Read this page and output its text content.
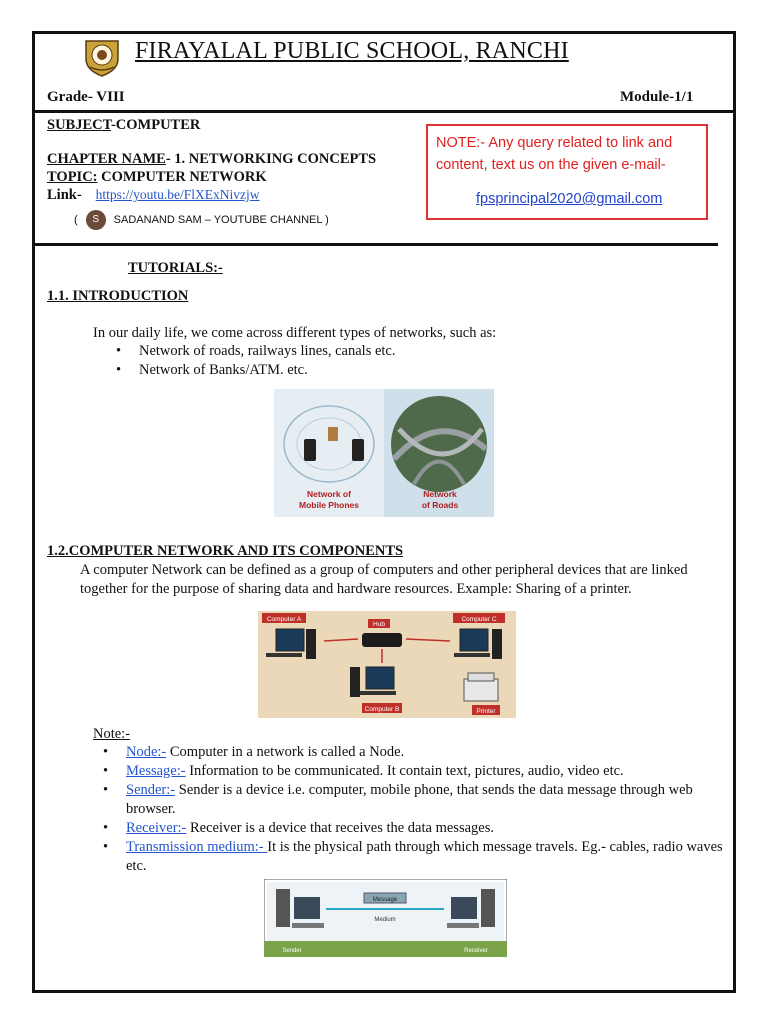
FIRAYALAL PUBLIC SCHOOL, RANCHI
Grade- VIII	Module-1/1
SUBJECT-COMPUTER
CHAPTER NAME- 1. NETWORKING CONCEPTS
TOPIC: COMPUTER NETWORK
Link- https://youtu.be/FlXExNivzjw
(	S	SADANAND SAM – YOUTUBE CHANNEL )
NOTE:- Any query related to link and content, text us on the given e-mail-
fpsprincipal2020@gmail.com
TUTORIALS:-
1.1. INTRODUCTION
In our daily life, we come across different types of networks, such as:
• Network of roads, railways lines, canals etc.
• Network of Banks/ATM. etc.
Network of
Mobile Phones
Network
of Roads
1.2.COMPUTER NETWORK AND ITS COMPONENTS
A computer Network can be defined as a group of computers and other peripheral devices that are linked together for the purpose of sharing data and hardware resources. Example: Sharing of a printer.
Computer A	Computer C
Hub
Computer B	Printer
Note:-
• Node:- Computer in a network is called a Node.
• Message:- Information to be communicated. It contain text, pictures, audio, video etc.
• Sender:- Sender is a device i.e. computer, mobile phone, that sends the data message through web browser.
• Receiver:- Receiver is a device that receives the data messages.
• Transmission medium:- It is the physical path through which message travels. Eg.- cables, radio waves etc.
Message
Medium
Sender	Receiver
